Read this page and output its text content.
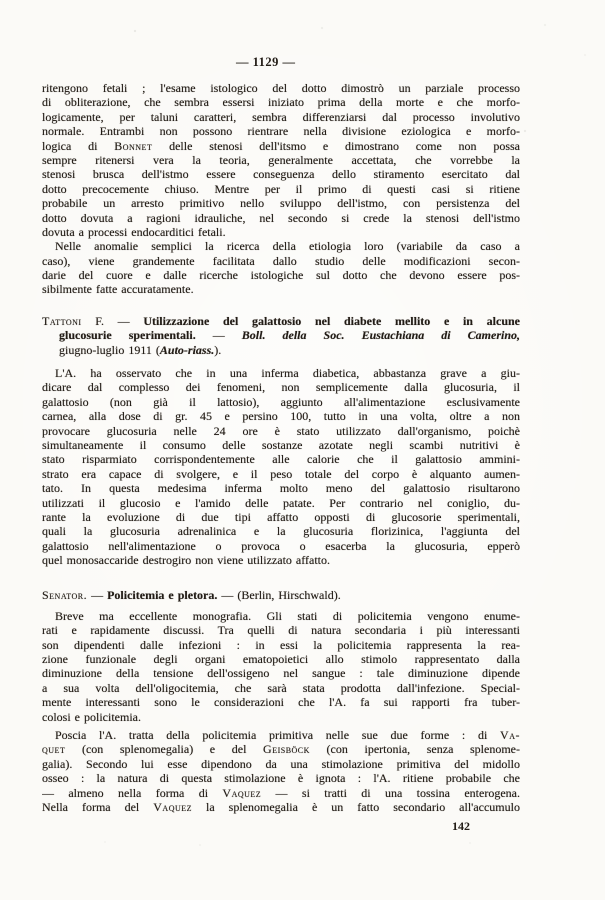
— 1129 —
ritengono fetali ; l'esame istologico del dotto dimostrò un parziale processo
di obliterazione, che sembra essersi iniziato prima della morte e che morfo-
logicamente, per taluni caratteri, sembra differenziarsi dal processo involutivo
normale. Entrambi non possono rientrare nella divisione eziologica e morfo-
logica di Bonnet delle stenosi dell'itsmo e dimostrano come non possa
sempre ritenersi vera la teoria, generalmente accettata, che vorrebbe la
stenosi brusca dell'istmo essere conseguenza dello stiramento esercitato dal
dotto precocemente chiuso. Mentre per il primo di questi casi si ritiene
probabile un arresto primitivo nello sviluppo dell'istmo, con persistenza del
dotto dovuta a ragioni idrauliche, nel secondo si crede la stenosi dell'istmo
dovuta a processi endocarditici fetali.
Nelle anomalie semplici la ricerca della etiologia loro (variabile da caso a
caso), viene grandemente facilitata dallo studio delle modificazioni secon-
darie del cuore e dalle ricerche istologiche sul dotto che devono essere pos-
sibilmente fatte accuratamente.
Tattoni F. — Utilizzazione del galattosio nel diabete mellito e in alcune
glucosurie sperimentali. — Boll. della Soc. Eustachiana di Camerino,
giugno-luglio 1911 (Auto-riass.).
L'A. ha osservato che in una inferma diabetica, abbastanza grave a giu-
dicare dal complesso dei fenomeni, non semplicemente dalla glucosuria, il
galattosio (non già il lattosio), aggiunto all'alimentazione esclusivamente
carnea, alla dose di gr. 45 e persino 100, tutto in una volta, oltre a non
provocare glucosuria nelle 24 ore è stato utilizzato dall'organismo, poichè
simultaneamente il consumo delle sostanze azotate negli scambi nutritivi è
stato risparmiato corrispondentemente alle calorie che il galattosio ammini-
strato era capace di svolgere, e il peso totale del corpo è alquanto aumen-
tato. In questa medesima inferma molto meno del galattosio risultarono
utilizzati il glucosio e l'amido delle patate. Per contrario nel coniglio, du-
rante la evoluzione di due tipi affatto opposti di glucosorie sperimentali,
quali la glucosuria adrenalinica e la glucosuria florizinica, l'aggiunta del
galattosio nell'alimentazione o provoca o esacerba la glucosuria, epperò
quel monosaccaride destrogiro non viene utilizzato affatto.
Senator. — Policitemia e pletora. — (Berlin, Hirschwald).
Breve ma eccellente monografia. Gli stati di policitemia vengono enume-
rati e rapidamente discussi. Tra quelli di natura secondaria i più interessanti
son dipendenti dalle infezioni : in essi la policitemia rappresenta la rea-
zione funzionale degli organi ematopoietici allo stimolo rappresentato dalla
diminuzione della tensione dell'ossigeno nel sangue : tale diminuzione dipende
a sua volta dell'oligocitemia, che sarà stata prodotta dall'infezione. Special-
mente interessanti sono le considerazioni che l'A. fa sui rapporti fra tuber-
colosi e policitemia.
Poscia l'A. tratta della policitemia primitiva nelle sue due forme : di Va-
quet (con splenomegalia) e del Geisböck (con ipertonia, senza splenome-
galia). Secondo lui esse dipendono da una stimolazione primitiva del midollo
osseo : la natura di questa stimolazione è ignota : l'A. ritiene probabile che
— almeno nella forma di Vaquez — si tratti di una tossina enterogena.
Nella forma del Vaquez la splenomegalia è un fatto secondario all'accumulo
142
